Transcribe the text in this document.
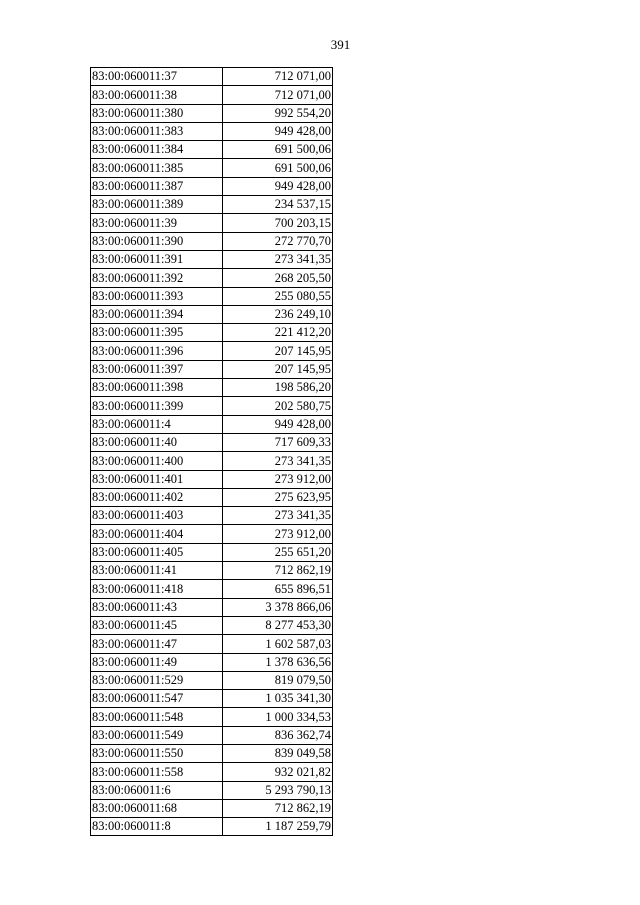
391
83:00:060011:37	712 071,00
83:00:060011:38	712 071,00
83:00:060011:380	992 554,20
83:00:060011:383	949 428,00
83:00:060011:384	691 500,06
83:00:060011:385	691 500,06
83:00:060011:387	949 428,00
83:00:060011:389	234 537,15
83:00:060011:39	700 203,15
83:00:060011:390	272 770,70
83:00:060011:391	273 341,35
83:00:060011:392	268 205,50
83:00:060011:393	255 080,55
83:00:060011:394	236 249,10
83:00:060011:395	221 412,20
83:00:060011:396	207 145,95
83:00:060011:397	207 145,95
83:00:060011:398	198 586,20
83:00:060011:399	202 580,75
83:00:060011:4	949 428,00
83:00:060011:40	717 609,33
83:00:060011:400	273 341,35
83:00:060011:401	273 912,00
83:00:060011:402	275 623,95
83:00:060011:403	273 341,35
83:00:060011:404	273 912,00
83:00:060011:405	255 651,20
83:00:060011:41	712 862,19
83:00:060011:418	655 896,51
83:00:060011:43	3 378 866,06
83:00:060011:45	8 277 453,30
83:00:060011:47	1 602 587,03
83:00:060011:49	1 378 636,56
83:00:060011:529	819 079,50
83:00:060011:547	1 035 341,30
83:00:060011:548	1 000 334,53
83:00:060011:549	836 362,74
83:00:060011:550	839 049,58
83:00:060011:558	932 021,82
83:00:060011:6	5 293 790,13
83:00:060011:68	712 862,19
83:00:060011:8	1 187 259,79
